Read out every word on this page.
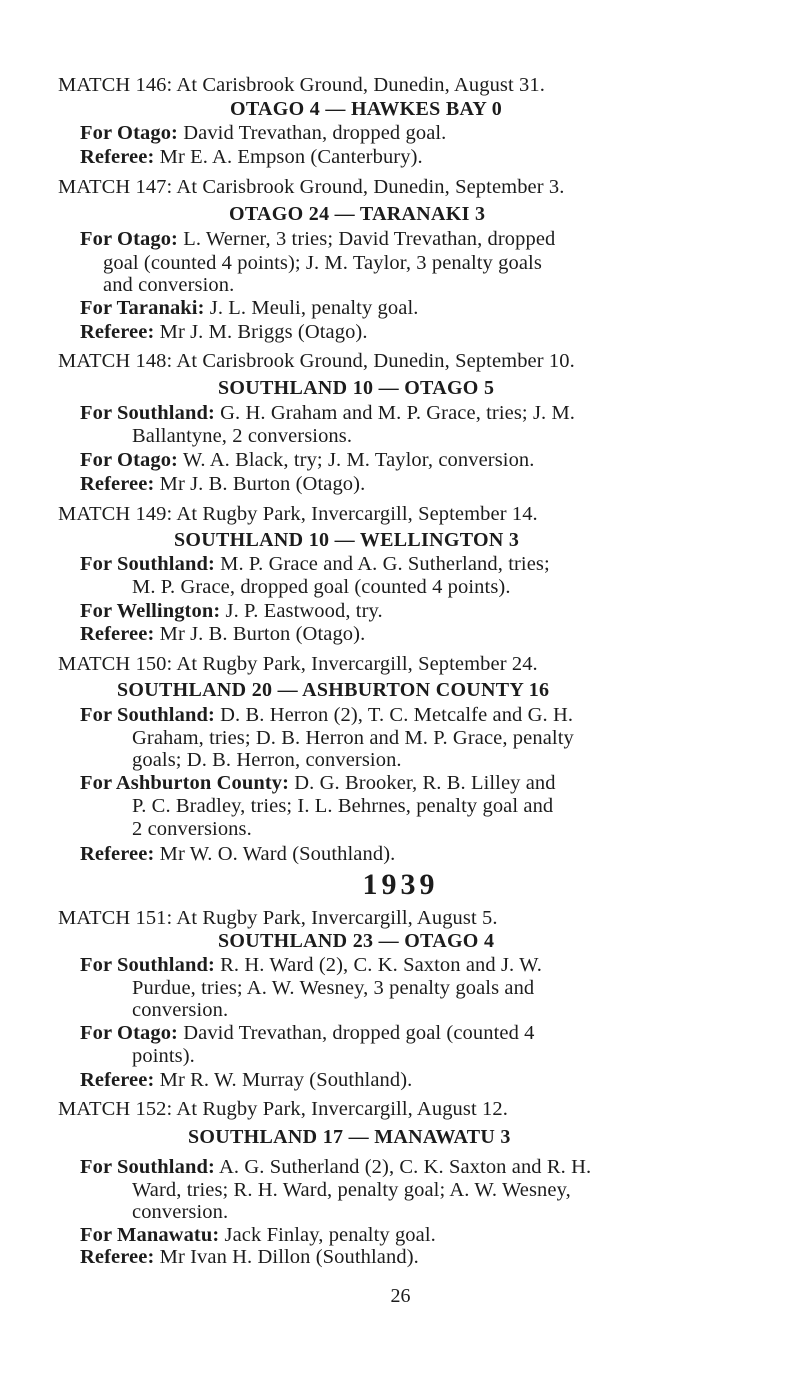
MATCH 146: At Carisbrook Ground, Dunedin, August 31.
OTAGO 4 — HAWKES BAY 0
For Otago: David Trevathan, dropped goal.
Referee: Mr E. A. Empson (Canterbury).
MATCH 147: At Carisbrook Ground, Dunedin, September 3.
OTAGO 24 — TARANAKI 3
For Otago: L. Werner, 3 tries; David Trevathan, dropped
goal (counted 4 points); J. M. Taylor, 3 penalty goals
and conversion.
For Taranaki: J. L. Meuli, penalty goal.
Referee: Mr J. M. Briggs (Otago).
MATCH 148: At Carisbrook Ground, Dunedin, September 10.
SOUTHLAND 10 — OTAGO 5
For Southland: G. H. Graham and M. P. Grace, tries; J. M.
Ballantyne, 2 conversions.
For Otago: W. A. Black, try; J. M. Taylor, conversion.
Referee: Mr J. B. Burton (Otago).
MATCH 149: At Rugby Park, Invercargill, September 14.
SOUTHLAND 10 — WELLINGTON 3
For Southland: M. P. Grace and A. G. Sutherland, tries;
M. P. Grace, dropped goal (counted 4 points).
For Wellington: J. P. Eastwood, try.
Referee: Mr J. B. Burton (Otago).
MATCH 150: At Rugby Park, Invercargill, September 24.
SOUTHLAND 20 — ASHBURTON COUNTY 16
For Southland: D. B. Herron (2), T. C. Metcalfe and G. H.
Graham, tries; D. B. Herron and M. P. Grace, penalty
goals; D. B. Herron, conversion.
For Ashburton County: D. G. Brooker, R. B. Lilley and
P. C. Bradley, tries; I. L. Behrnes, penalty goal and
2 conversions.
Referee: Mr W. O. Ward (Southland).
1939
MATCH 151: At Rugby Park, Invercargill, August 5.
SOUTHLAND 23 — OTAGO 4
For Southland: R. H. Ward (2), C. K. Saxton and J. W.
Purdue, tries; A. W. Wesney, 3 penalty goals and
conversion.
For Otago: David Trevathan, dropped goal (counted 4
points).
Referee: Mr R. W. Murray (Southland).
MATCH 152: At Rugby Park, Invercargill, August 12.
SOUTHLAND 17 — MANAWATU 3
For Southland: A. G. Sutherland (2), C. K. Saxton and R. H.
Ward, tries; R. H. Ward, penalty goal; A. W. Wesney,
conversion.
For Manawatu: Jack Finlay, penalty goal.
Referee: Mr Ivan H. Dillon (Southland).
26
